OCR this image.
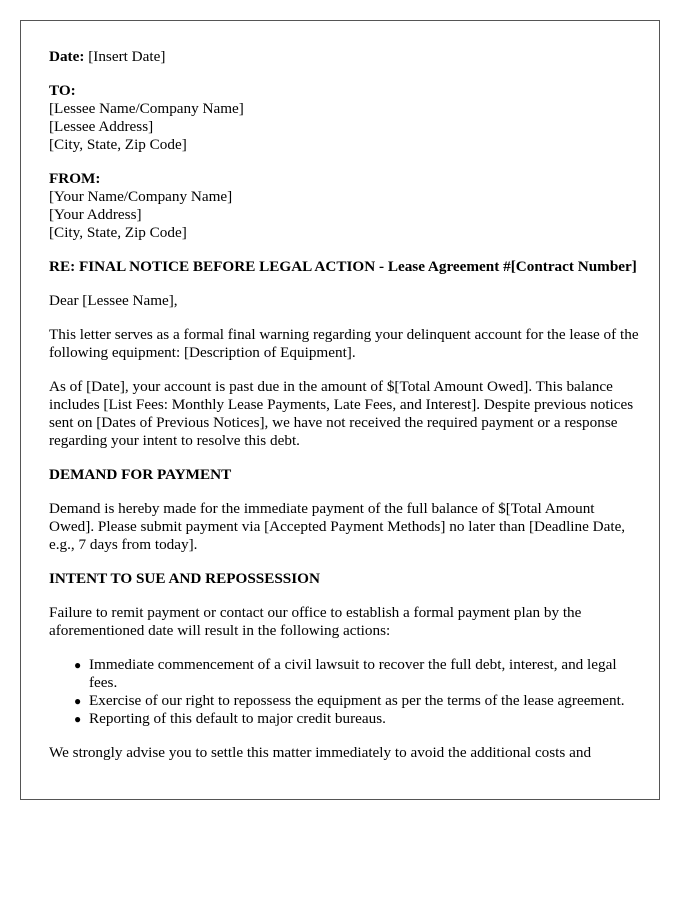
Date: [Insert Date]
TO:
[Lessee Name/Company Name]
[Lessee Address]
[City, State, Zip Code]
FROM:
[Your Name/Company Name]
[Your Address]
[City, State, Zip Code]

RE: FINAL NOTICE BEFORE LEGAL ACTION - Lease Agreement #[Contract Number]

Dear [Lessee Name],

This letter serves as a formal final warning regarding your delinquent account for the lease of the following equipment: [Description of Equipment].

As of [Date], your account is past due in the amount of $[Total Amount Owed]. This balance includes [List Fees: Monthly Lease Payments, Late Fees, and Interest]. Despite previous notices sent on [Dates of Previous Notices], we have not received the required payment or a response regarding your intent to resolve this debt.

DEMAND FOR PAYMENT

Demand is hereby made for the immediate payment of the full balance of $[Total Amount Owed]. Please submit payment via [Accepted Payment Methods] no later than [Deadline Date, e.g., 7 days from today].

INTENT TO SUE AND REPOSSESSION

Failure to remit payment or contact our office to establish a formal payment plan by the aforementioned date will result in the following actions:

● Immediate commencement of a civil lawsuit to recover the full debt, interest, and legal fees.
● Exercise of our right to repossess the equipment as per the terms of the lease agreement.
● Reporting of this default to major credit bureaus.

We strongly advise you to settle this matter immediately to avoid the additional costs and
